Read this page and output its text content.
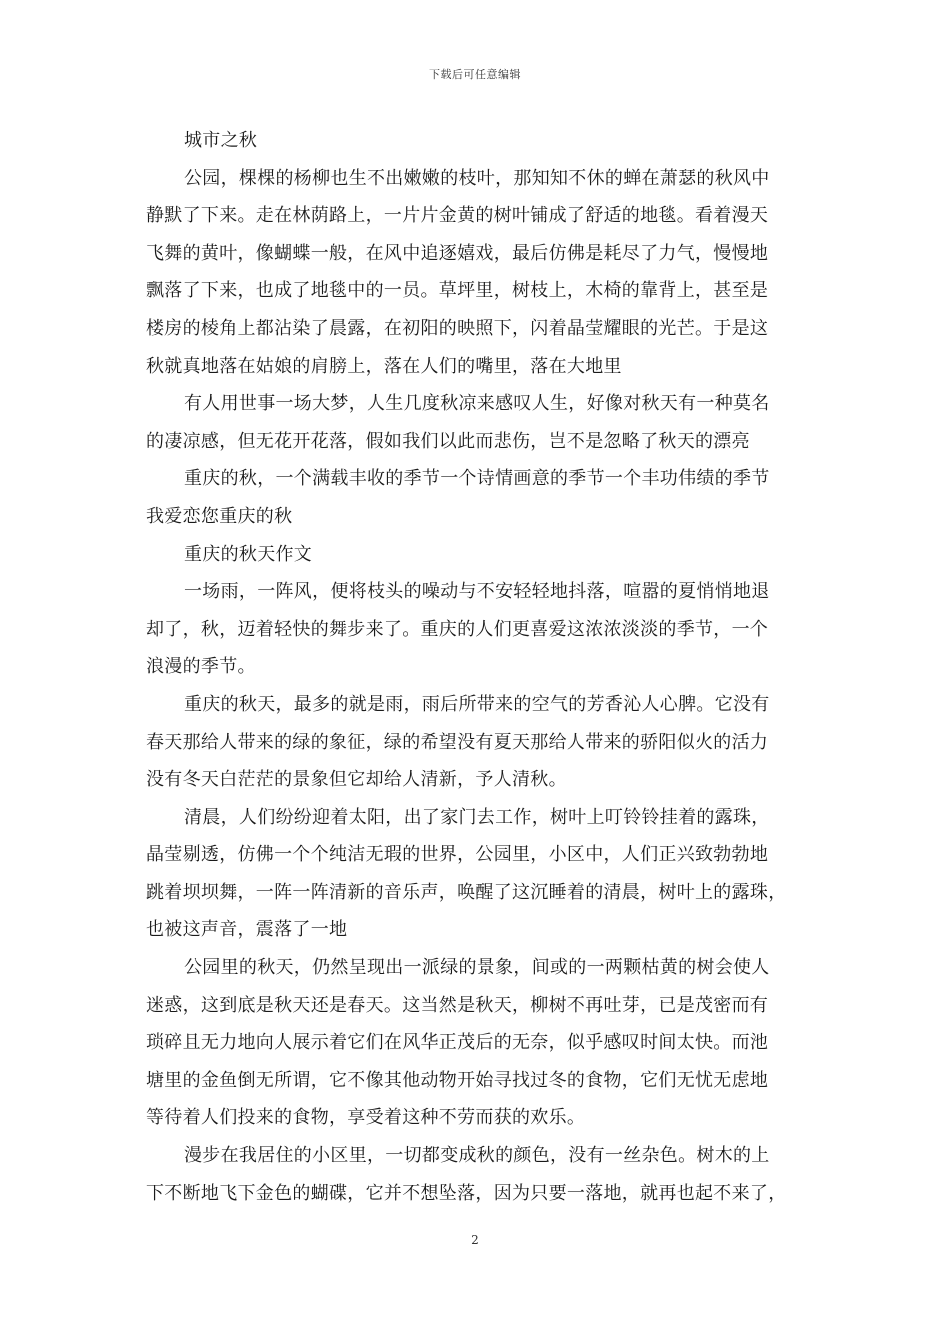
下载后可任意编辑

城市之秋

公园，棵棵的杨柳也生不出嫩嫩的枝叶，那知知不休的蝉在萧瑟的秋风中
静默了下来。走在林荫路上，一片片金黄的树叶铺成了舒适的地毯。看着漫天
飞舞的黄叶，像蝴蝶一般，在风中追逐嬉戏，最后仿佛是耗尽了力气，慢慢地
飘落了下来，也成了地毯中的一员。草坪里，树枝上，木椅的靠背上，甚至是
楼房的棱角上都沾染了晨露，在初阳的映照下，闪着晶莹耀眼的光芒。于是这
秋就真地落在姑娘的肩膀上，落在人们的嘴里，落在大地里

有人用世事一场大梦，人生几度秋凉来感叹人生，好像对秋天有一种莫名
的凄凉感，但无花开花落，假如我们以此而悲伤，岂不是忽略了秋天的漂亮

重庆的秋，一个满载丰收的季节一个诗情画意的季节一个丰功伟绩的季节
我爱恋您重庆的秋

重庆的秋天作文

一场雨，一阵风，便将枝头的噪动与不安轻轻地抖落，喧嚣的夏悄悄地退
却了，秋，迈着轻快的舞步来了。重庆的人们更喜爱这浓浓淡淡的季节，一个
浪漫的季节。

重庆的秋天，最多的就是雨，雨后所带来的空气的芳香沁人心脾。它没有
春天那给人带来的绿的象征，绿的希望没有夏天那给人带来的骄阳似火的活力
没有冬天白茫茫的景象但它却给人清新，予人清秋。

清晨，人们纷纷迎着太阳，出了家门去工作，树叶上叮铃铃挂着的露珠，
晶莹剔透，仿佛一个个纯洁无瑕的世界，公园里，小区中，人们正兴致勃勃地
跳着坝坝舞，一阵一阵清新的音乐声，唤醒了这沉睡着的清晨，树叶上的露珠，
也被这声音，震落了一地

公园里的秋天，仍然呈现出一派绿的景象，间或的一两颗枯黄的树会使人
迷惑，这到底是秋天还是春天。这当然是秋天，柳树不再吐芽，已是茂密而有
琐碎且无力地向人展示着它们在风华正茂后的无奈，似乎感叹时间太快。而池
塘里的金鱼倒无所谓，它不像其他动物开始寻找过冬的食物，它们无忧无虑地
等待着人们投来的食物，享受着这种不劳而获的欢乐。

漫步在我居住的小区里，一切都变成秋的颜色，没有一丝杂色。树木的上
下不断地飞下金色的蝴碟，它并不想坠落，因为只要一落地，就再也起不来了，

2
